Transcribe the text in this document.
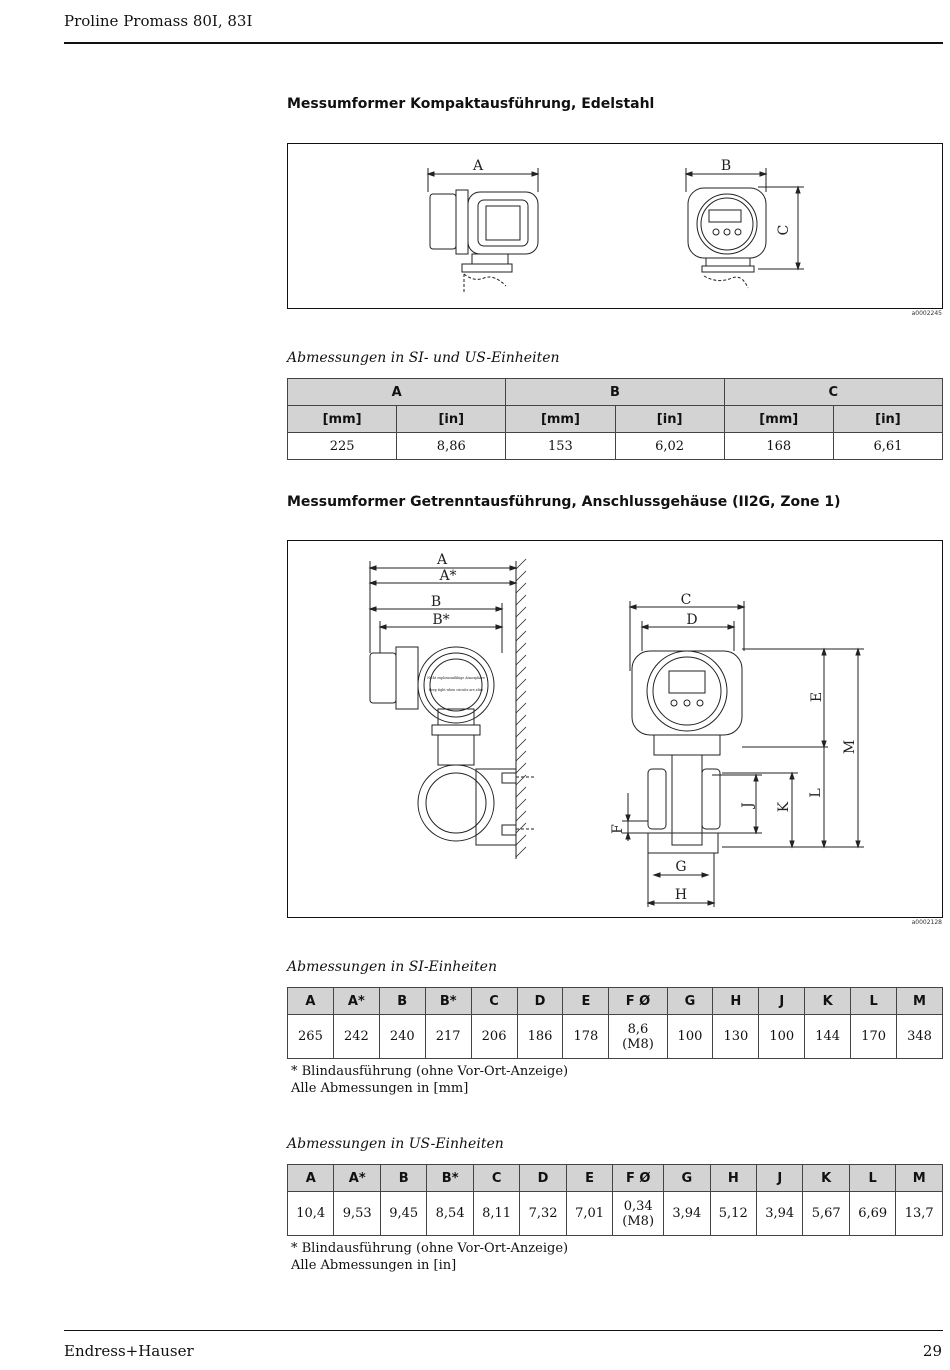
Proline Promass 80I, 83I
Messumformer Kompaktausführung, Edelstahl
A	B
C
a0002245
Abmessungen in SI- und US-Einheiten
A		B		C	
[mm]	[in]	[mm]	[in]	[mm]	[in]
225	8,86	153	6,02	168	6,61
Messumformer Getrenntausführung, Anschlussgehäuse (II2G, Zone 1)
A
A*
B
B*
C
D
E
M
L
K
J
F
G
H
Nicht explosionsfähige Atmosphäre
Keep tight when circuits are alive
a0002128
Abmessungen in SI-Einheiten
A	A*	B	B*	C	D	E	F Ø	G	H	J	K	L	M
265	242	240	217	206	186	178	8,6
(M8)	100	130	100	144	170	348
* Blindausführung (ohne Vor-Ort-Anzeige)
Alle Abmessungen in [mm]
Abmessungen in US-Einheiten
A	A*	B	B*	C	D	E	F Ø	G	H	J	K	L	M
10,4	9,53	9,45	8,54	8,11	7,32	7,01	0,34
(M8)	3,94	5,12	3,94	5,67	6,69	13,7
* Blindausführung (ohne Vor-Ort-Anzeige)
Alle Abmessungen in [in]
Endress+Hauser	29
